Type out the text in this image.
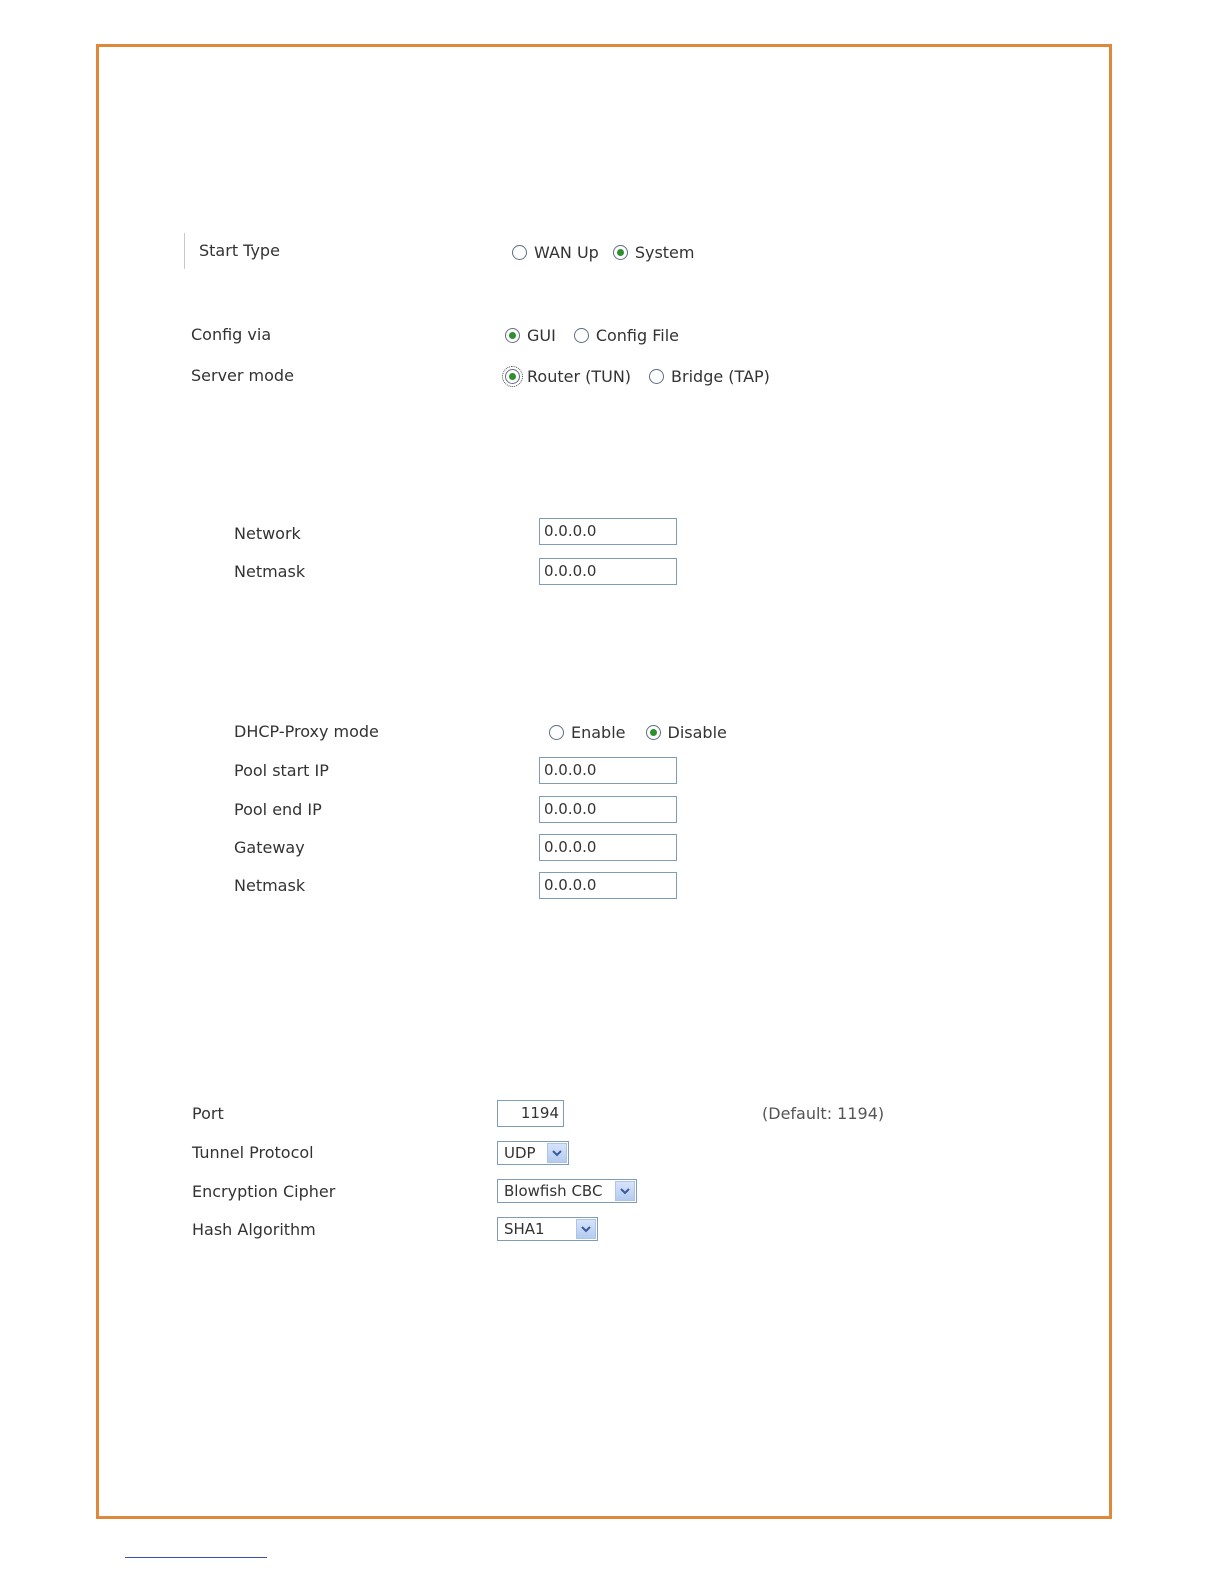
Start Type	WAN Up System
Config via	GUI	Config File
Server mode	Router (TUN)	Bridge (TAP)
Network	0.0.0.0
Netmask	0.0.0.0
DHCP-Proxy mode	Enable	Disable
Pool start IP	0.0.0.0
Pool end IP	0.0.0.0
Gateway	0.0.0.0
Netmask	0.0.0.0
Port	1194	(Default: 1194)
Tunnel Protocol	UDP
Encryption Cipher	Blowfish CBC
Hash Algorithm	SHA1
